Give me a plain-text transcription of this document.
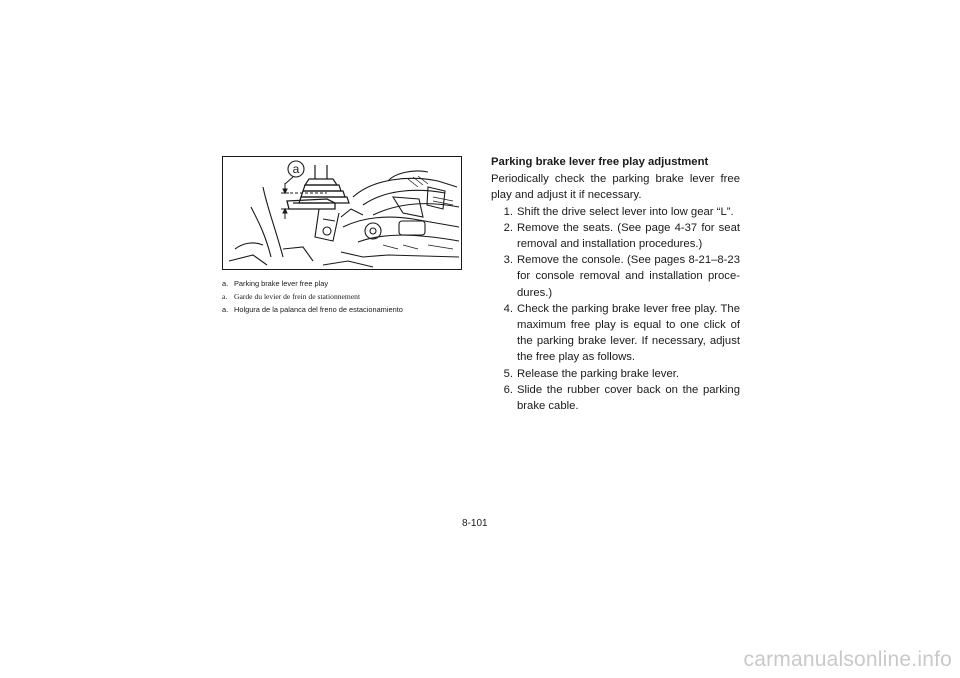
a
a. Parking brake lever free play
a. Garde du levier de frein de stationnement
a. Holgura de la palanca del freno de estacionamiento
Parking brake lever free play adjustment

Periodically check the parking brake lever free play and adjust it if necessary.

1. Shift the drive select lever into low gear “L”.
2. Remove the seats. (See page 4-37 for seat removal and installation procedures.)
3. Remove the console. (See pages 8-21–8-23 for console removal and installation proce-dures.)
4. Check the parking brake lever free play. The maximum free play is equal to one click of the parking brake lever. If necessary, adjust the free play as follows.
5. Release the parking brake lever.
6. Slide the rubber cover back on the parking brake cable.
8-101
carmanualsonline.info
